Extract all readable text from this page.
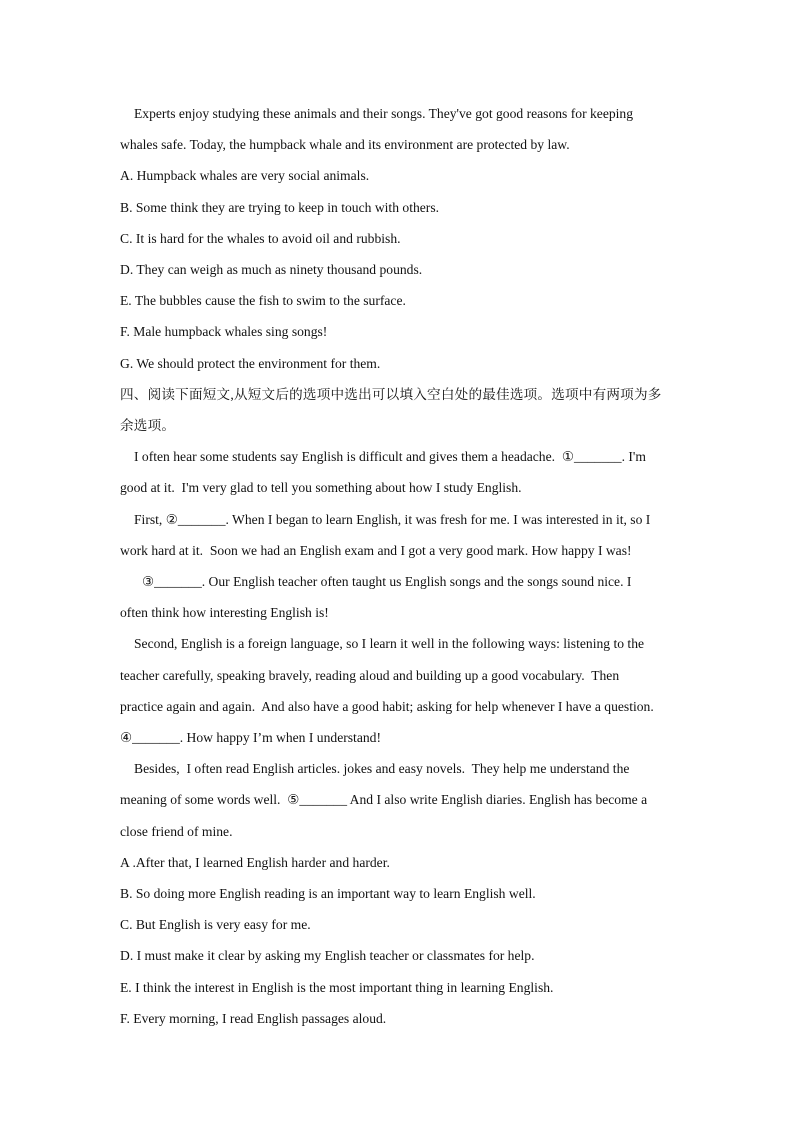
Experts enjoy studying these animals and their songs. They've got good reasons for keeping

whales safe. Today, the humpback whale and its environment are protected by law.

A. Humpback whales are very social animals.

B. Some think they are trying to keep in touch with others.

C. It is hard for the whales to avoid oil and rubbish.

D. They can weigh as much as ninety thousand pounds.

E. The bubbles cause the fish to swim to the surface.

F. Male humpback whales sing songs!

G. We should protect the environment for them.

四、阅读下面短文,从短文后的选项中选出可以填入空白处的最佳选项。选项中有两项为多

余选项。

I often hear some students say English is difficult and gives them a headache.  ①_______. I'm

good at it.  I'm very glad to tell you something about how I study English.

First, ②_______. When I began to learn English, it was fresh for me. I was interested in it, so I

work hard at it.  Soon we had an English exam and I got a very good mark. How happy I was!

③_______. Our English teacher often taught us English songs and the songs sound nice. I

often think how interesting English is!

Second, English is a foreign language, so I learn it well in the following ways: listening to the

teacher carefully, speaking bravely, reading aloud and building up a good vocabulary.  Then

practice again and again.  And also have a good habit; asking for help whenever I have a question.

④_______. How happy I’m when I understand!

Besides,  I often read English articles. jokes and easy novels.  They help me understand the

meaning of some words well.  ⑤_______ And I also write English diaries. English has become a

close friend of mine.

A .After that, I learned English harder and harder.

B. So doing more English reading is an important way to learn English well.

C. But English is very easy for me.

D. I must make it clear by asking my English teacher or classmates for help.

E. I think the interest in English is the most important thing in learning English.

F. Every morning, I read English passages aloud.
